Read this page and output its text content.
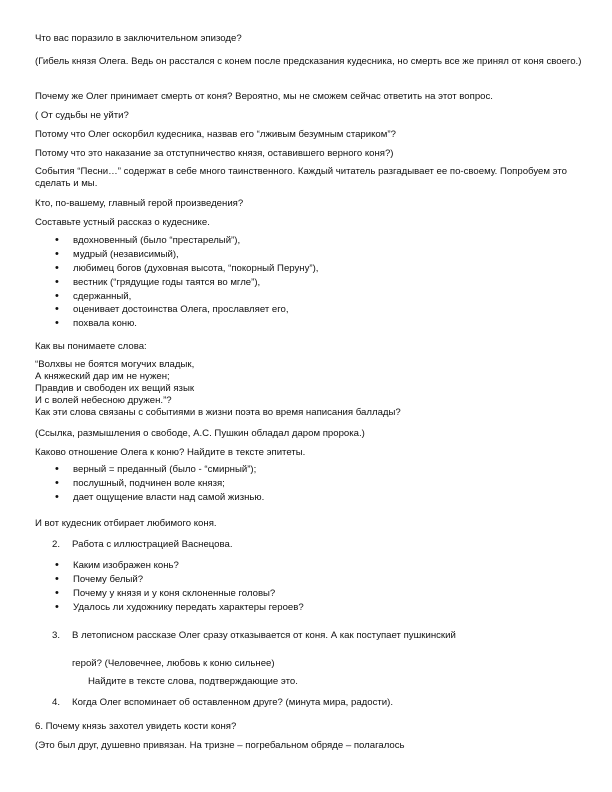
Что вас поразило в заключительном эпизоде?

(Гибель князя Олега. Ведь он расстался с конем после предсказания кудесника, но смерть все же принял от коня своего.)

Почему же Олег принимает смерть от коня? Вероятно, мы не сможем сейчас ответить на этот вопрос.

( От судьбы не уйти?

Потому что Олег оскорбил кудесника, назвав его “лживым безумным стариком”?

Потому что это наказание за отступничество князя, оставившего верного коня?)

События “Песни…” содержат в себе много таинственного. Каждый читатель разгадывает ее по-своему. Попробуем это сделать и мы.

Кто, по-вашему, главный герой произведения?

Составьте устный рассказ о кудеснике.

• вдохновенный (было “престарелый”),
• мудрый (независимый),
• любимец богов (духовная высота, “покорный Перуну”),
• вестник (“грядущие годы таятся во мгле”),
• сдержанный,
• оценивает достоинства Олега, прославляет его,
• похвала коню.

Как вы понимаете слова:

“Волхвы не боятся могучих владык,

А княжеский дар им не нужен;

Правдив и свободен их вещий язык

И с волей небесною дружен.”?

Как эти слова связаны с событиями в жизни поэта во время написания баллады?

(Ссылка, размышления о свободе, А.С. Пушкин обладал даром пророка.)

Каково отношение Олега к коню? Найдите в тексте эпитеты.

• верный = преданный (было - “смирный”);
• послушный, подчинен воле князя;
• дает ощущение власти над самой жизнью.

И вот кудесник отбирает любимого коня.

2. Работа с иллюстрацией Васнецова.
• Каким изображен конь?
• Почему белый?
• Почему у князя и у коня склоненные головы?
• Удалось ли художнику передать характеры героев?
3. В летописном рассказе Олег сразу отказывается от коня. А как поступает пушкинский

герой? (Человечнее, любовь к коню сильнее)

Найдите в тексте слова, подтверждающие это.

4. Когда Олег вспоминает об оставленном друге? (минута мира, радости).

6. Почему князь захотел увидеть кости коня?

(Это был друг, душевно привязан. На тризне – погребальном обряде – полагалось
